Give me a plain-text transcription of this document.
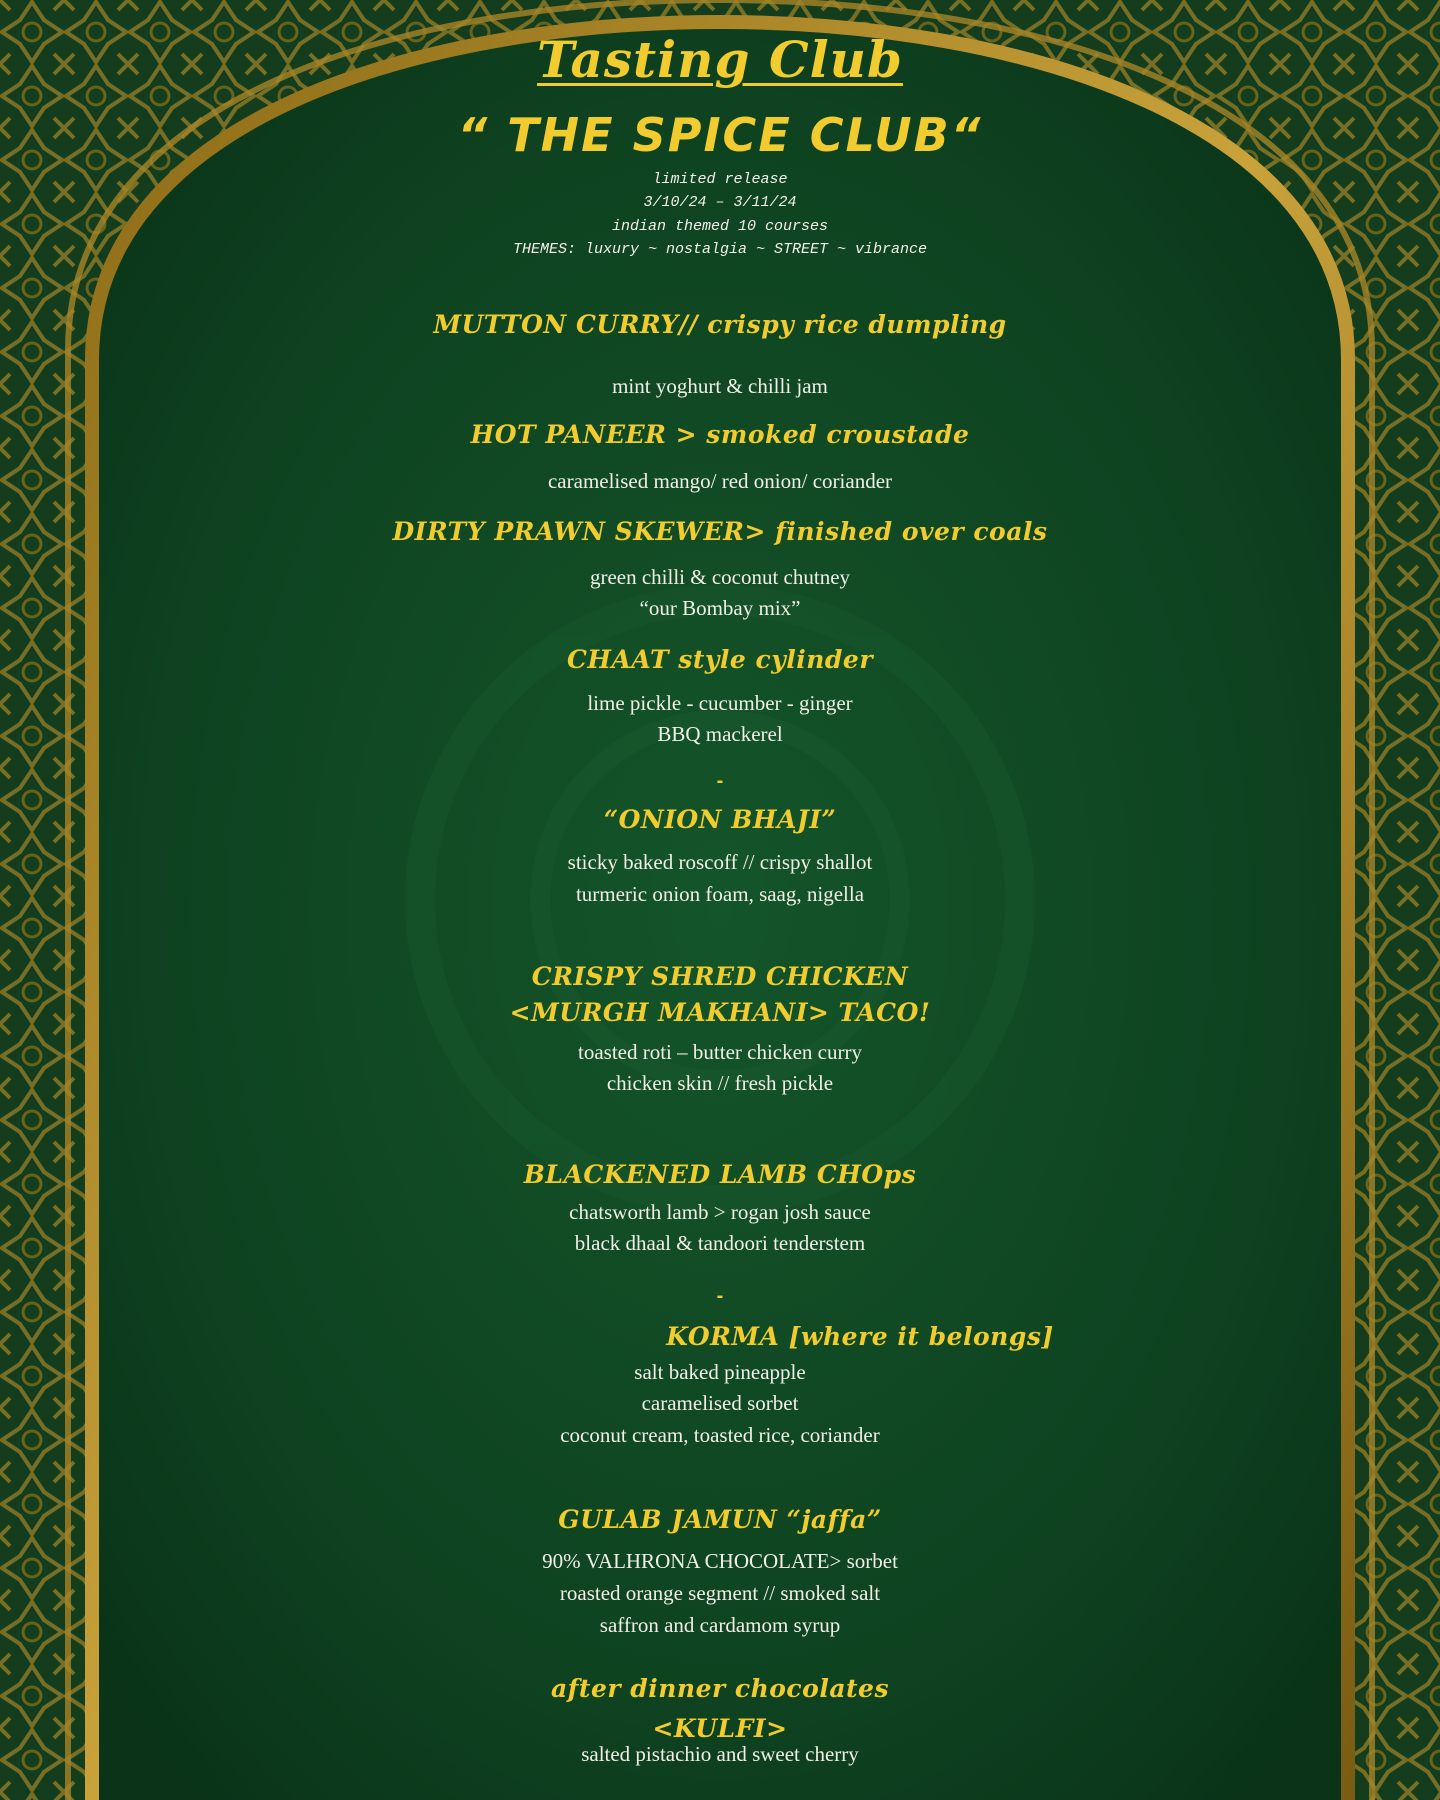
Tasting Club
“ THE SPICE CLUB“
limited release
3/10/24 – 3/11/24
indian themed 10 courses
THEMES: luxury ~ nostalgia ~ STREET ~ vibrance
MUTTON CURRY// crispy rice dumpling
mint yoghurt & chilli jam
HOT PANEER > smoked croustade
caramelised mango/ red onion/ coriander
DIRTY PRAWN SKEWER> finished over coals
green chilli & coconut chutney
“our Bombay mix”
CHAAT style cylinder
lime pickle - cucumber - ginger
BBQ mackerel
-
“ONION BHAJI”
sticky baked roscoff // crispy shallot
turmeric onion foam, saag, nigella
CRISPY SHRED CHICKEN
<MURGH MAKHANI> TACO!
toasted roti – butter chicken curry
chicken skin // fresh pickle
BLACKENED LAMB CHOps
chatsworth lamb > rogan josh sauce
black dhaal & tandoori tenderstem
-
KORMA [where it belongs]
salt baked pineapple
caramelised sorbet
coconut cream, toasted rice, coriander
GULAB JAMUN “jaffa”
90% VALHRONA CHOCOLATE> sorbet
roasted orange segment // smoked salt
saffron and cardamom syrup
after dinner chocolates
<KULFI>
salted pistachio and sweet cherry
